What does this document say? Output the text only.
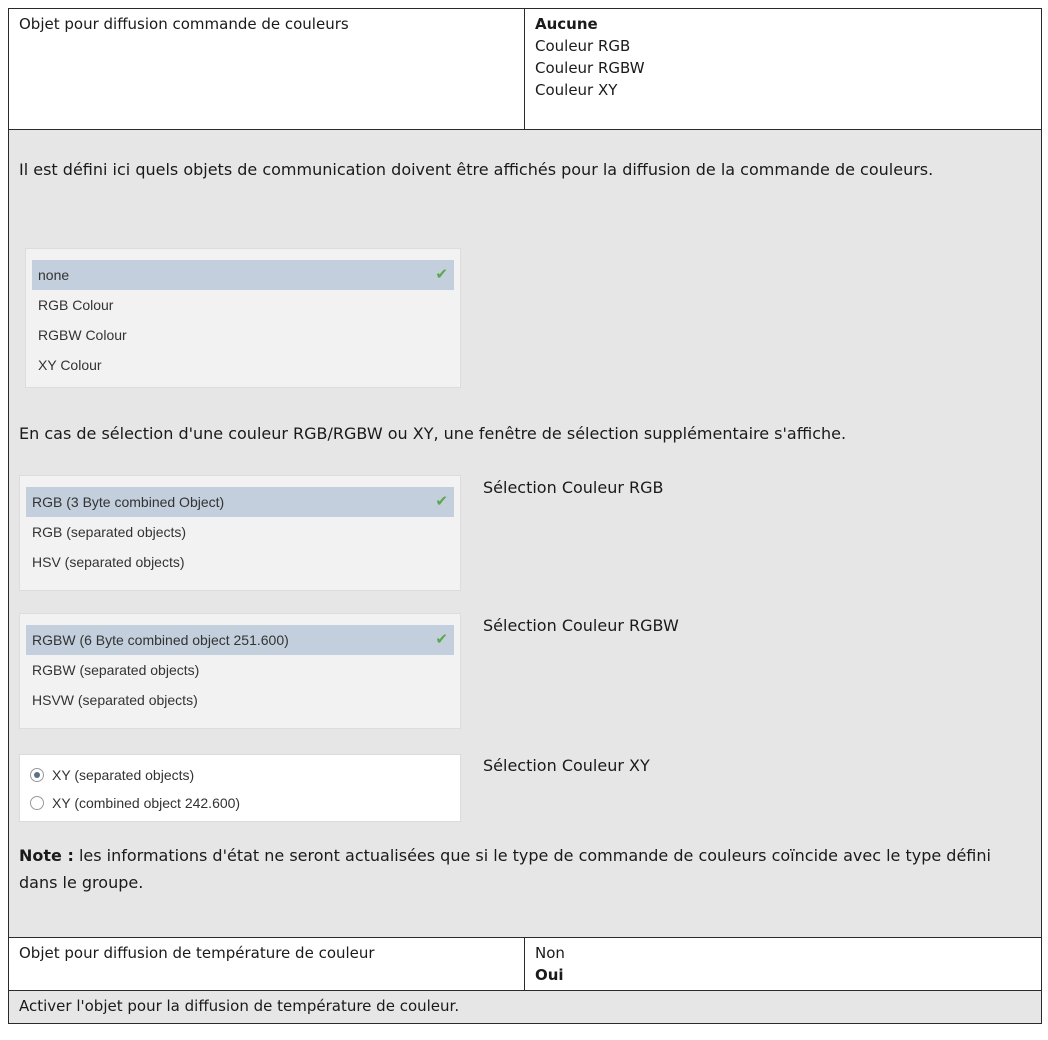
Objet pour diffusion commande de couleurs	Aucune
Couleur RGB
Couleur RGBW
Couleur XY

Il est défini ici quels objets de communication doivent être affichés pour la diffusion de la commande de couleurs.

none	✔
RGB Colour
RGBW Colour
XY Colour

En cas de sélection d'une couleur RGB/RGBW ou XY, une fenêtre de sélection supplémentaire s'affiche.

RGB (3 Byte combined Object)	✔
RGB (separated objects)
HSV (separated objects)
Sélection Couleur RGB
RGBW (6 Byte combined object 251.600)	✔
RGBW (separated objects)
HSVW (separated objects)
Sélection Couleur RGBW
XY (separated objects)
XY (combined object 242.600)
Sélection Couleur XY

Note : les informations d'état ne seront actualisées que si le type de commande de couleurs coïncide avec le type défini dans le groupe.

Objet pour diffusion de température de couleur	Non
Oui
Activer l'objet pour la diffusion de température de couleur.
